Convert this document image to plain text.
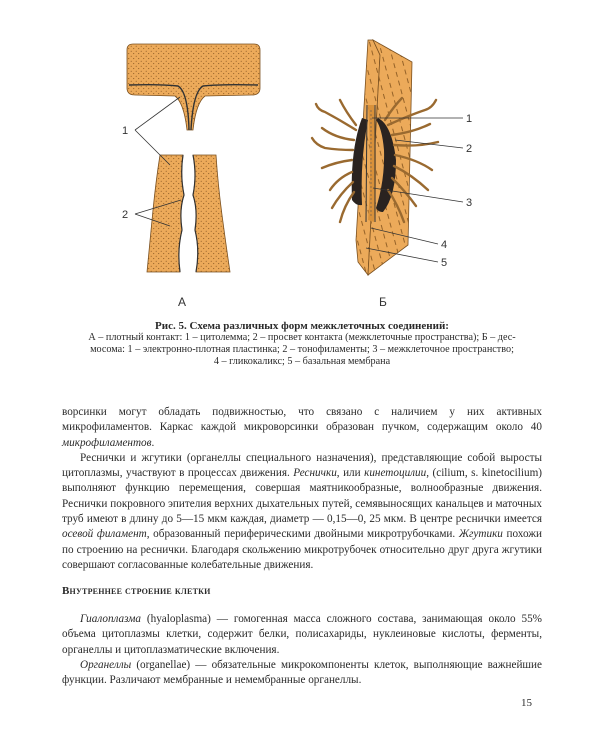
1
2
А
1
2
3
4
5
Б
Рис. 5. Схема различных форм межклеточных соединений:
А – плотный контакт: 1 – цитолемма; 2 – просвет контакта (межклеточные пространства); Б – дес-
мосома: 1 – электронно-плотная пластинка; 2 – тонофиламенты; 3 – межклеточное пространство;
4 – гликокаликс; 5 – базальная мембрана

ворсинки могут обладать подвижностью, что связано с наличием у них активных микрофиламентов. Каркас каждой микроворсинки образован пучком, содержащим около 40 микрофиламентов.

Реснички и жгутики (органеллы специального назначения), представляющие собой выросты цитоплазмы, участвуют в процессах движения. Реснички, или кинетоцилии, (cilium, s. kinetocilium) выполняют функцию перемещения, совершая маятникообразные, волнообразные движения. Реснички покровного эпителия верхних дыхательных путей, семявыносящих канальцев и маточных труб имеют в длину до 5—15 мкм каждая, диаметр — 0,15—0, 25 мкм. В центре реснички имеется осевой филамент, образованный периферическими двойными микротрубочками. Жгутики похожи по строению на реснички. Благодаря скольжению микротрубочек относительно друг друга жгутики совершают согласованные колебательные движения.

Внутреннее строение клетки

Гиалоплазма (hyaloplasma) — гомогенная масса сложного состава, занимающая около 55% объема цитоплазмы клетки, содержит белки, полисахариды, нуклеиновые кислоты, ферменты, органеллы и цитоплазматические включения.

Органеллы (organellae) — обязательные микрокомпоненты клеток, выполняющие важнейшие функции. Различают мембранные и немембранные органеллы.

15
